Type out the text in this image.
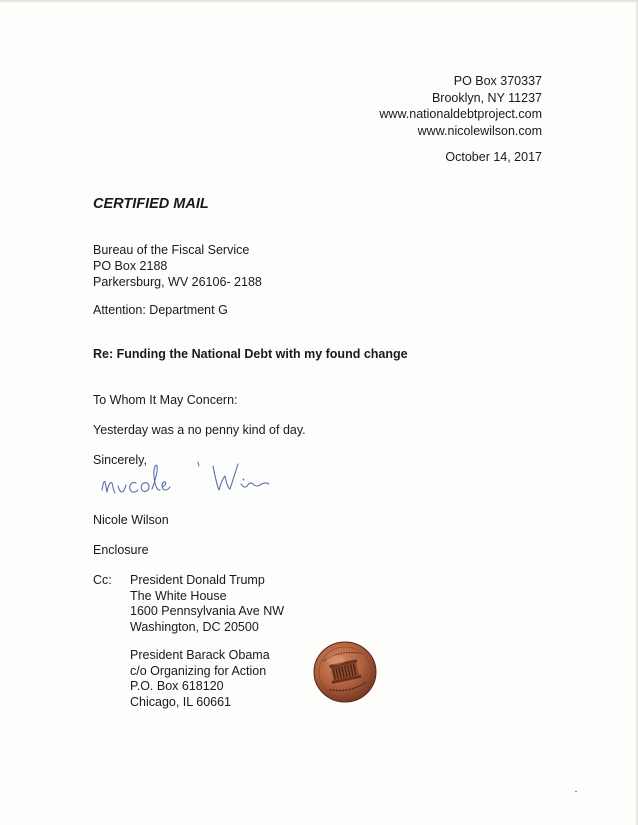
PO Box 370337
Brooklyn, NY 11237
www.nationaldebtproject.com
www.nicolewilson.com
October 14, 2017
CERTIFIED MAIL
Bureau of the Fiscal Service
PO Box 2188
Parkersburg, WV 26106- 2188
Attention: Department G
Re: Funding the National Debt with my found change
To Whom It May Concern:
Yesterday was a no penny kind of day.
Sincerely,
Nicole Wilson
Enclosure
Cc: President Donald Trump
The White House
1600 Pennsylvania Ave NW
Washington, DC 20500
President Barack Obama
c/o Organizing for Action
P.O. Box 618120
Chicago, IL 60661
